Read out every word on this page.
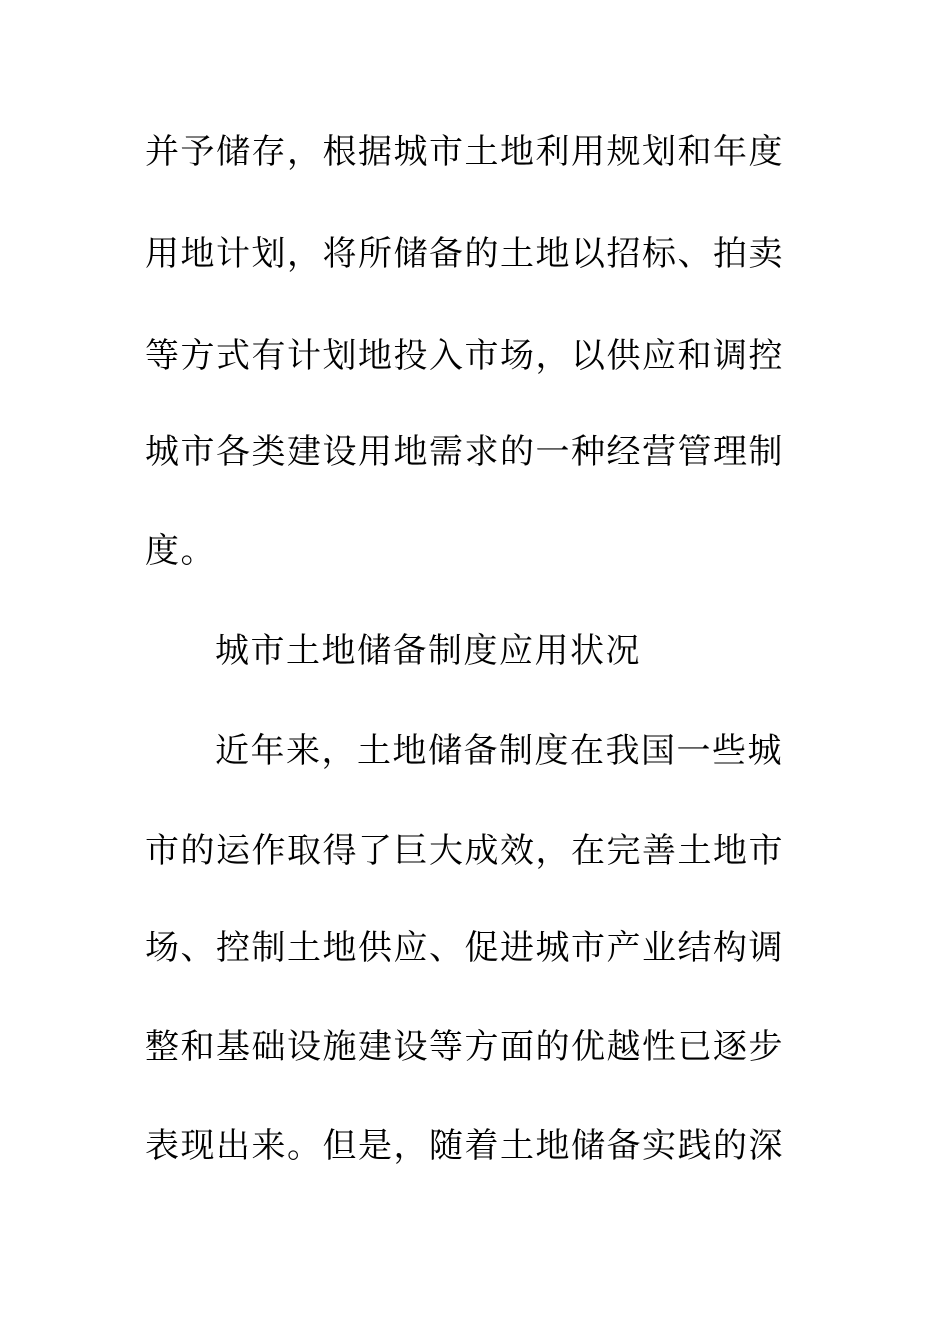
并予储存，根据城市土地利用规划和年度
用地计划，将所储备的土地以招标、拍卖
等方式有计划地投入市场，以供应和调控
城市各类建设用地需求的一种经营管理制
度。
城市土地储备制度应用状况
近年来，土地储备制度在我国一些城
市的运作取得了巨大成效，在完善土地市
场、控制土地供应、促进城市产业结构调
整和基础设施建设等方面的优越性已逐步
表现出来。但是，随着土地储备实践的深
